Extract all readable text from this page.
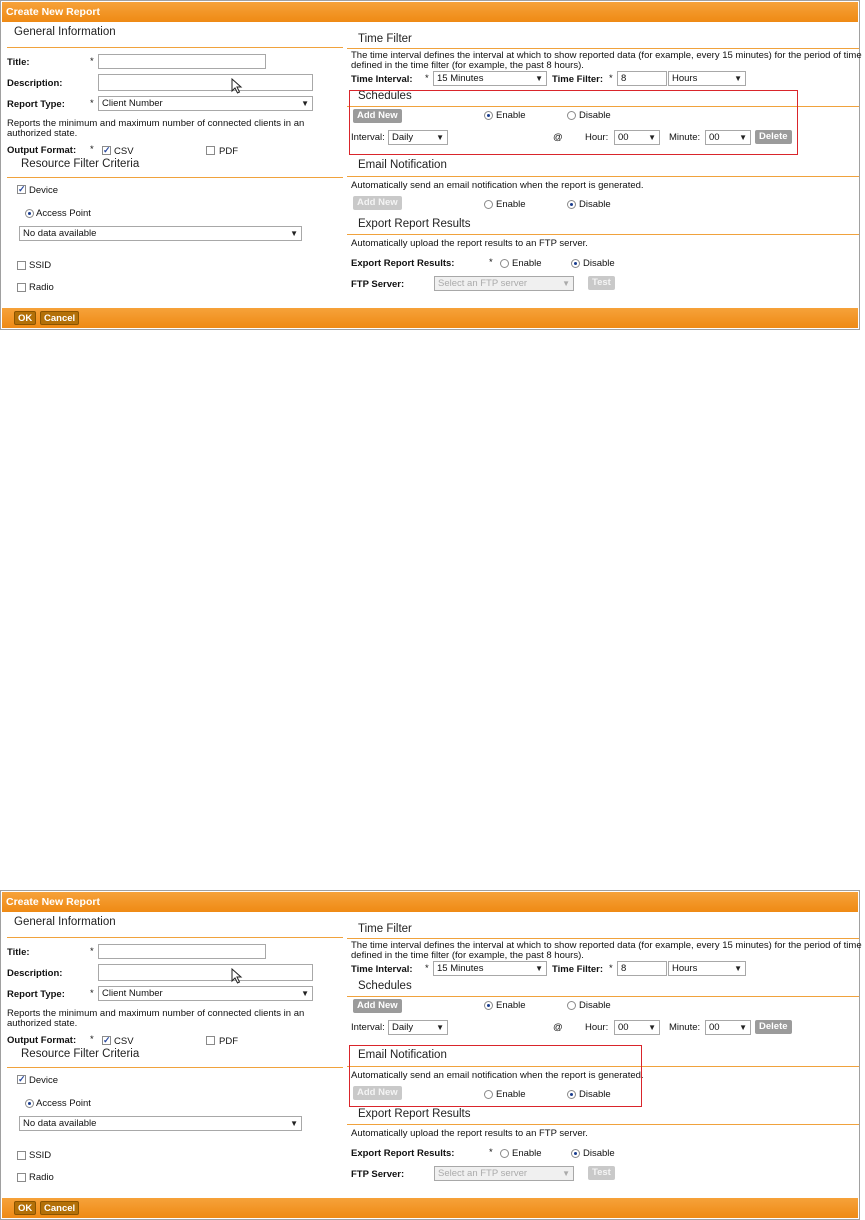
Create New Report
General Information
Title:	*
Description:
Report Type:	* Client Number	▼
Reports the minimum and maximum number of connected clients in an
authorized state.
Output Format: * ✓ CSV	PDF
Resource Filter Criteria
✓ Device
Access Point
No data available	▼
SSID
Radio
Time Filter
The time interval defines the interval at which to show reported data (for example, every 15 minutes) for the period of time
defined in the time filter (for example, the past 8 hours).
Time Interval: * 15 Minutes	▼ Time Filter: * 8	Hours	▼
Schedules
Add New	Enable	Disable
Interval: Daily	▼	@ Hour:	00 ▼ Minute: 00 ▼	Delete
Email Notification
Automatically send an email notification when the report is generated.
Add New	Enable	Disable
Export Report Results
Automatically upload the report results to an FTP server.
Export Report Results:	* Enable	Disable
FTP Server:	Select an FTP server	▼	Test
OK	Cancel
Create New Report
General Information
Title:	*
Description:
Report Type:	* Client Number	▼
Reports the minimum and maximum number of connected clients in an
authorized state.
Output Format: * ✓ CSV	PDF
Resource Filter Criteria
✓ Device
Access Point
No data available	▼
SSID
Radio
Time Filter
The time interval defines the interval at which to show reported data (for example, every 15 minutes) for the period of time
defined in the time filter (for example, the past 8 hours).
Time Interval: * 15 Minutes	▼ Time Filter: * 8	Hours	▼
Schedules
Add New	Enable	Disable
Interval: Daily	▼	@ Hour:	00 ▼ Minute: 00 ▼	Delete
Email Notification
Automatically send an email notification when the report is generated.
Add New	Enable	Disable
Export Report Results
Automatically upload the report results to an FTP server.
Export Report Results:	* Enable	Disable
FTP Server:	Select an FTP server	▼	Test
OK	Cancel
